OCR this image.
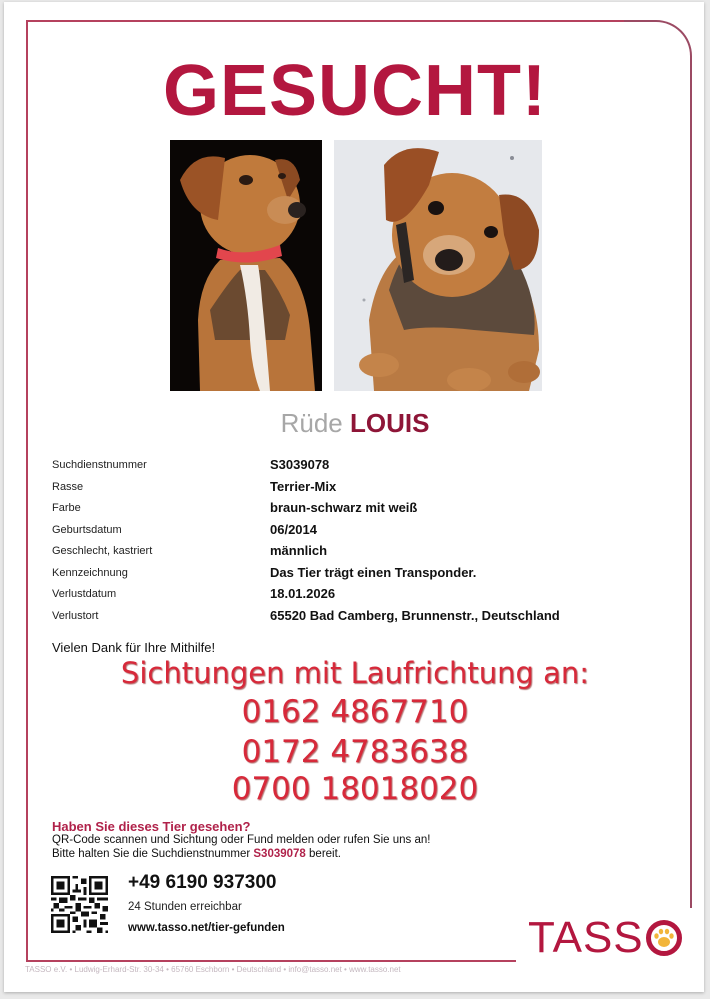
GESUCHT!
Rüde LOUIS
Suchdienstnummer	S3039078
Rasse	Terrier-Mix
Farbe	braun-schwarz mit weiß
Geburtsdatum	06/2014
Geschlecht, kastriert	männlich
Kennzeichnung	Das Tier trägt einen Transponder.
Verlustdatum	18.01.2026
Verlustort	65520 Bad Camberg, Brunnenstr., Deutschland
Vielen Dank für Ihre Mithilfe!
Sichtungen mit Laufrichtung an:
0162 4867710
0172 4783638
0700 18018020
Haben Sie dieses Tier gesehen?
QR-Code scannen und Sichtung oder Fund melden oder rufen Sie uns an!
Bitte halten Sie die Suchdienstnummer S3039078 bereit.
+49 6190 937300
24 Stunden erreichbar
www.tasso.net/tier-gefunden	TASS
TASSO e.V. • Ludwig-Erhard-Str. 30-34 • 65760 Eschborn • Deutschland • info@tasso.net • www.tasso.net
